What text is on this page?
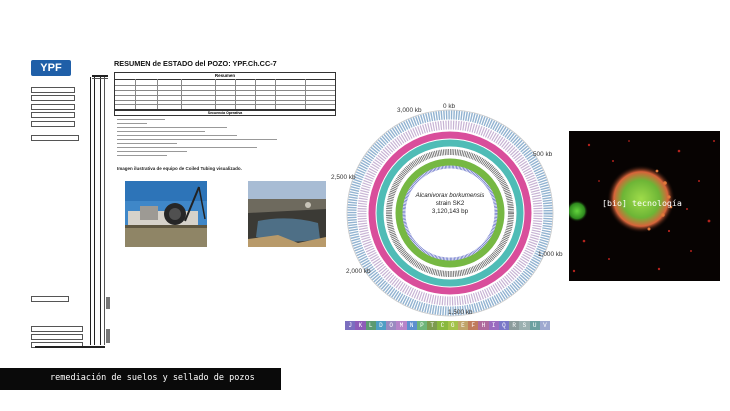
YPF	RESUMEN de ESTADO del POZO: YPF.Ch.CC-7
Resumen
Secuencia Operativa
Imagen ilustrativa de equipo de Coiled Tubing visualizado.
Alcanivorax borkumensis
strain SK2
3,120,143 bp
0 kb
500 kb
1,000 kb
1,500 kb
2,000 kb
2,500 kb
3,000 kb
J	K	L	D	O	M	N	P	T	C	G	E	F	H	I	Q	R	S	U	V
[bio] tecnología
remediación de suelos y sellado de pozos
